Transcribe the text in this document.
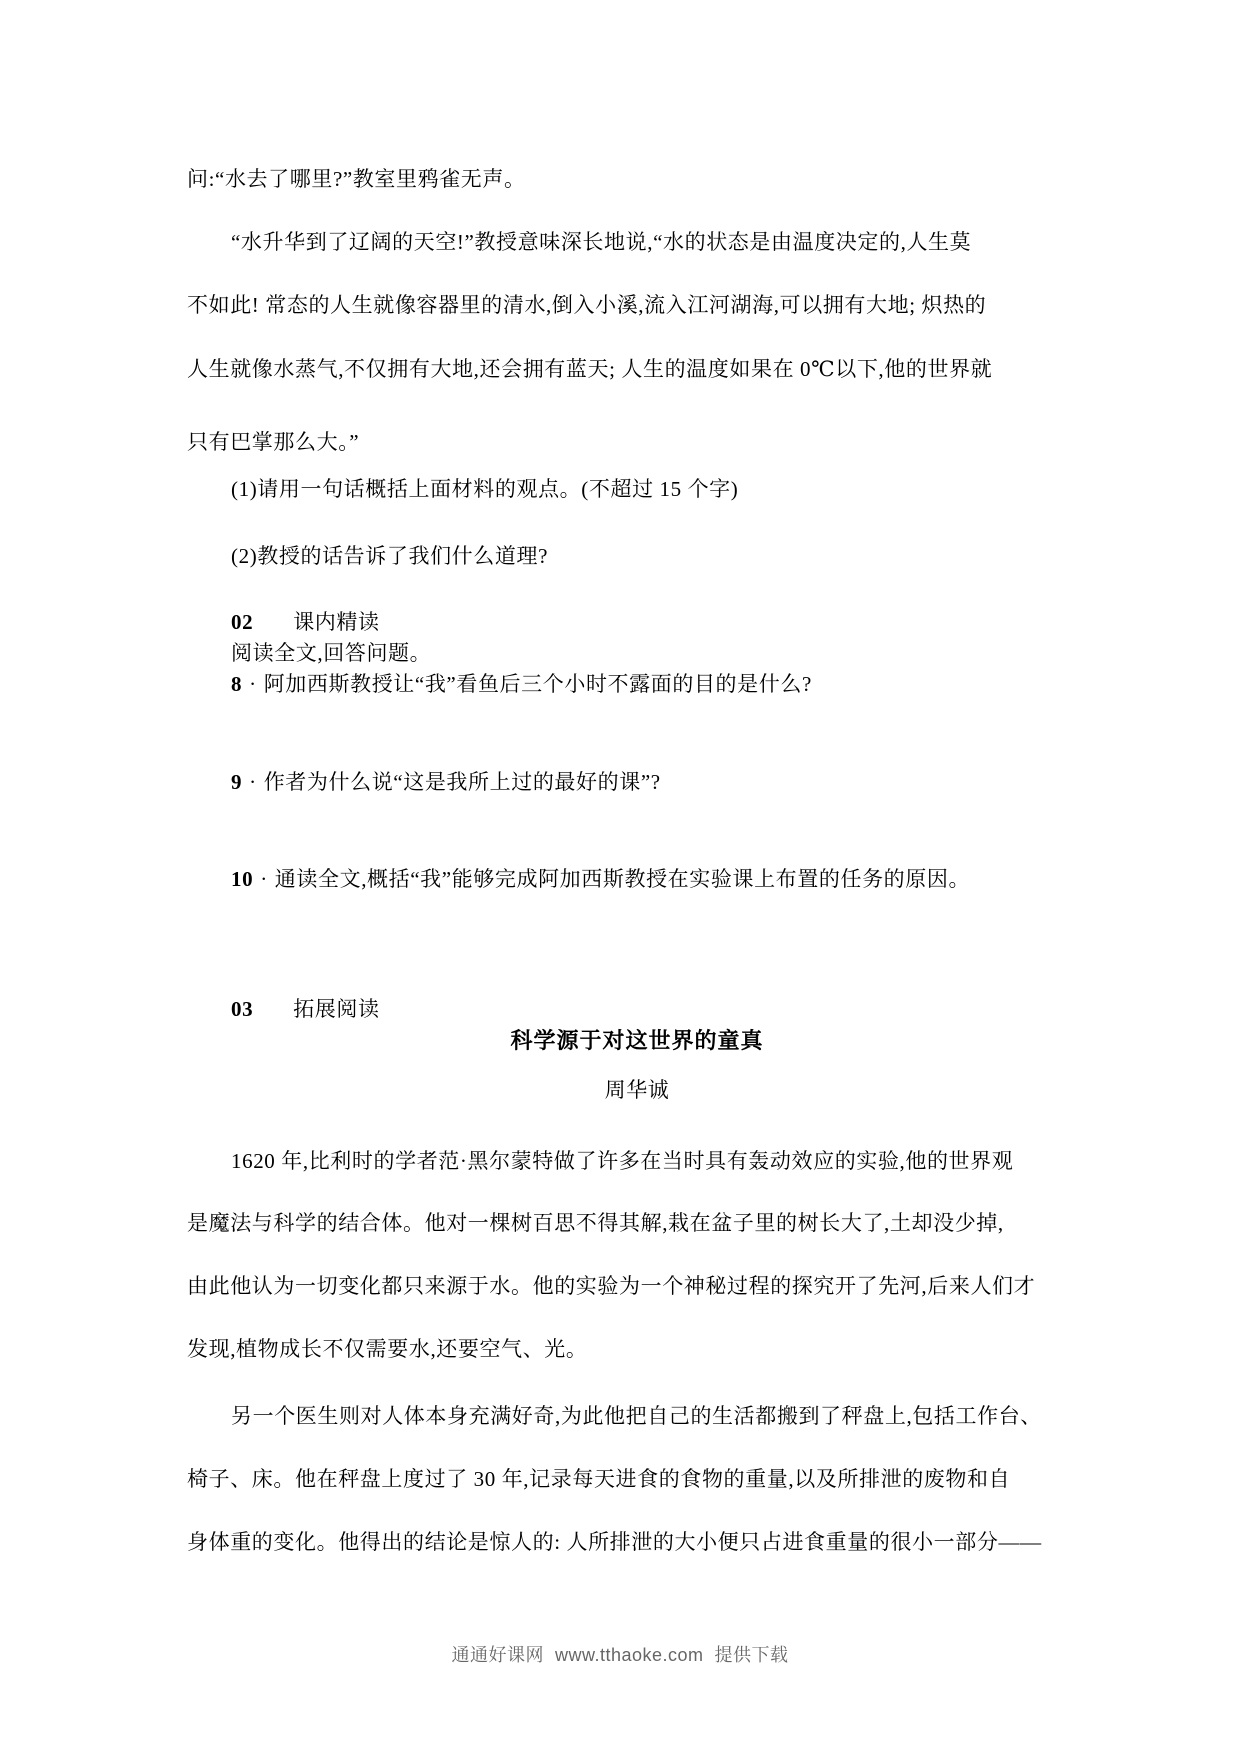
问:“水去了哪里?”教室里鸦雀无声。
“水升华到了辽阔的天空!”教授意味深长地说,“水的状态是由温度决定的,人生莫
不如此! 常态的人生就像容器里的清水,倒入小溪,流入江河湖海,可以拥有大地; 炽热的
人生就像水蒸气,不仅拥有大地,还会拥有蓝天; 人生的温度如果在 0℃以下,他的世界就
只有巴掌那么大。”
(1)请用一句话概括上面材料的观点。(不超过 15 个字)
(2)教授的话告诉了我们什么道理?
02 课内精读
阅读全文,回答问题。
8 · 阿加西斯教授让“我”看鱼后三个小时不露面的目的是什么?
9 · 作者为什么说“这是我所上过的最好的课”?
10 · 通读全文,概括“我”能够完成阿加西斯教授在实验课上布置的任务的原因。
03 拓展阅读
科学源于对这世界的童真
周华诚
1620 年,比利时的学者范·黑尔蒙特做了许多在当时具有轰动效应的实验,他的世界观
是魔法与科学的结合体。他对一棵树百思不得其解,栽在盆子里的树长大了,土却没少掉,
由此他认为一切变化都只来源于水。他的实验为一个神秘过程的探究开了先河,后来人们才
发现,植物成长不仅需要水,还要空气、光。
另一个医生则对人体本身充满好奇,为此他把自己的生活都搬到了秤盘上,包括工作台、
椅子、床。他在秤盘上度过了 30 年,记录每天进食的食物的重量,以及所排泄的废物和自
身体重的变化。他得出的结论是惊人的: 人所排泄的大小便只占进食重量的很小一部分——
通通好课网  www.tthaoke.com  提供下载
